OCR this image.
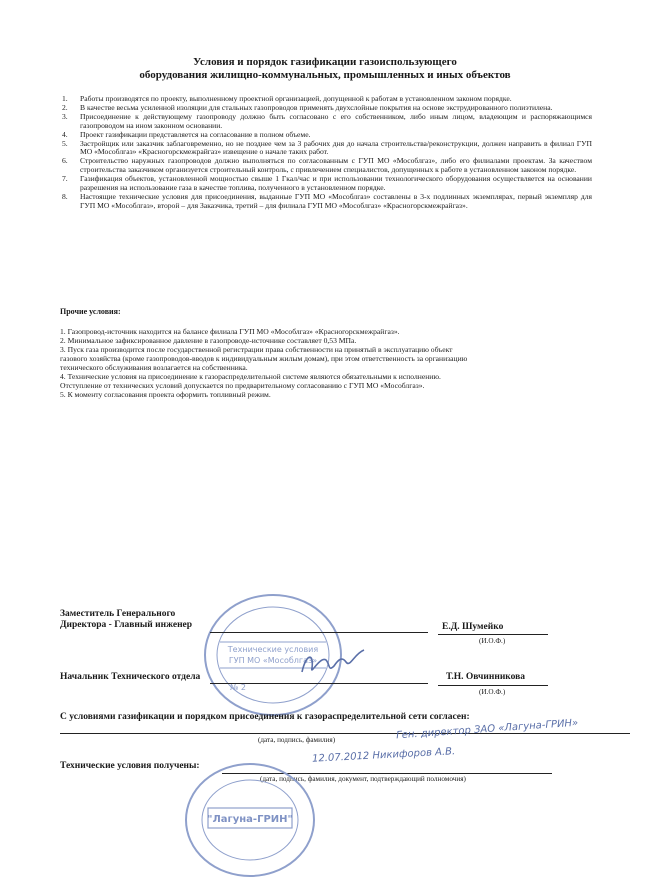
Условия и порядок газификации газоиспользующего
оборудования жилищно-коммунальных, промышленных и иных объектов
1.	Работы производятся по проекту, выполненному проектной организацией, допущенной к работам в установленном законом порядке.
2.	В качестве весьма усиленной изоляции для стальных газопроводов применять двухслойные покрытия на основе экструдированного полиэтилена.
3.	Присоединение к действующему газопроводу должно быть согласовано с его собственником, либо иным лицом, владеющим и распоряжающимся газопроводом на ином законном основании.
4.	Проект газификации представляется на согласование в полном объеме.
5.	Застройщик или заказчик заблаговременно, но не позднее чем за 3 рабочих дня до начала строительства/реконструкции, должен направить в филиал ГУП МО «Мособлгаз» «Красногорскмежрайгаз» извещение о начале таких работ.
6.	Строительство наружных газопроводов должно выполняться по согласованным с ГУП МО «Мособлгаз», либо его филиалами проектам. За качеством строительства заказчиком организуется строительный контроль, с привлечением специалистов, допущенных к работе в установленном законом порядке.
7.	Газификация объектов, установленной мощностью свыше 1 Гкал/час и при использовании технологического оборудования осуществляется на основании разрешения на использование газа в качестве топлива, полученного в установленном порядке.
8.	Настоящие технические условия для присоединения, выданные ГУП МО «Мособлгаз» составлены в 3-х подлинных экземплярах, первый экземпляр для ГУП МО «Мособлгаз», второй – для Заказчика, третий – для филиала ГУП МО «Мособлгаз» «Красногорскмежрайгаз».
Прочие условия:
1. Газопровод-источник находится на балансе филиала ГУП МО «Мособлгаз» «Красногорскмежрайгаз».
2. Минимальное зафиксированное давление в газопроводе-источнике составляет 0,53 МПа.
3. Пуск газа производится после государственной регистрации права собственности на принятый в эксплуатацию объект
газового хозяйства (кроме газопроводов-вводов к индивидуальным жилым домам), при этом ответственность за организацию
технического обслуживания возлагается на собственника.
4. Технические условия на присоединение к газораспределительной системе являются обязательными к исполнению.
Отступление от технических условий допускается по предварительному согласованию с ГУП МО «Мособлгаз».
5. К моменту согласования проекта оформить топливный режим.
Технические условия
ГУП МО «Мособлгаз»
№ 2
Заместитель Генерального
Директора - Главный инженер	Е.Д. Шумейко
(И.О.Ф.)
Начальник Технического отдела	Т.Н. Овчинникова
(И.О.Ф.)
С условиями газификации и порядком присоединения к газораспределительной сети согласен:
(дата, подпись, фамилия)	Ген. директор ЗАО «Лагуна-ГРИН»
Технические условия получены:
(дата, подпись, фамилия, документ, подтверждающий полномочия)
12.07.2012 Никифоров А.В.
"Лагуна-ГРИН"
